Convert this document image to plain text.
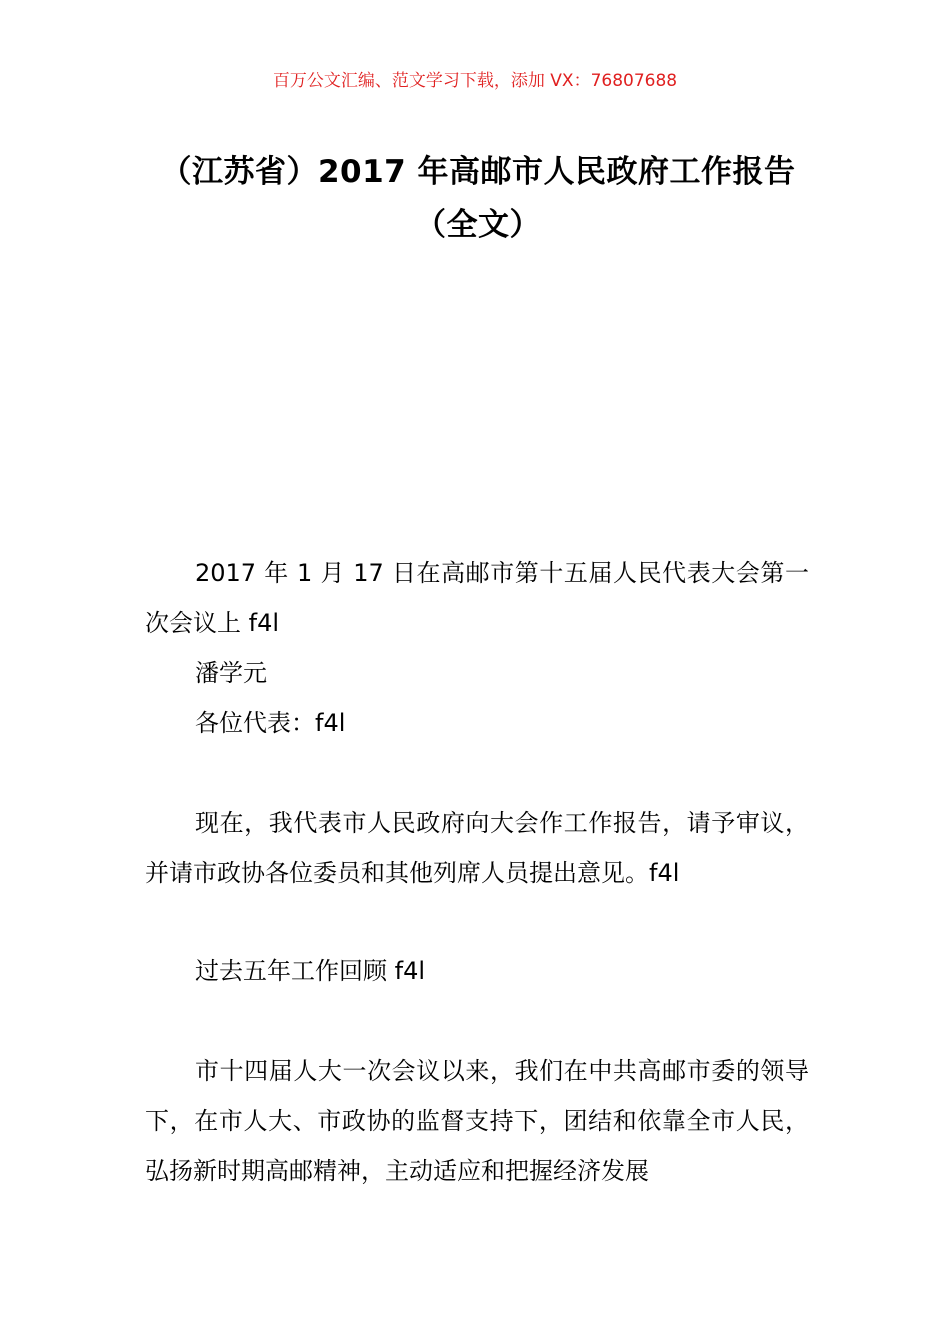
百万公文汇编、范文学习下载，添加 VX：76807688
（江苏省）2017 年高邮市人民政府工作报告（全文）

2017 年 1 月 17 日在高邮市第十五届人民代表大会第一次会议上 f4l

潘学元

各位代表：f4l

现在，我代表市人民政府向大会作工作报告，请予审议，并请市政协各位委员和其他列席人员提出意见。f4l

过去五年工作回顾 f4l

市十四届人大一次会议以来，我们在中共高邮市委的领导下，在市人大、市政协的监督支持下，团结和依靠全市人民，弘扬新时期高邮精神，主动适应和把握经济发展
